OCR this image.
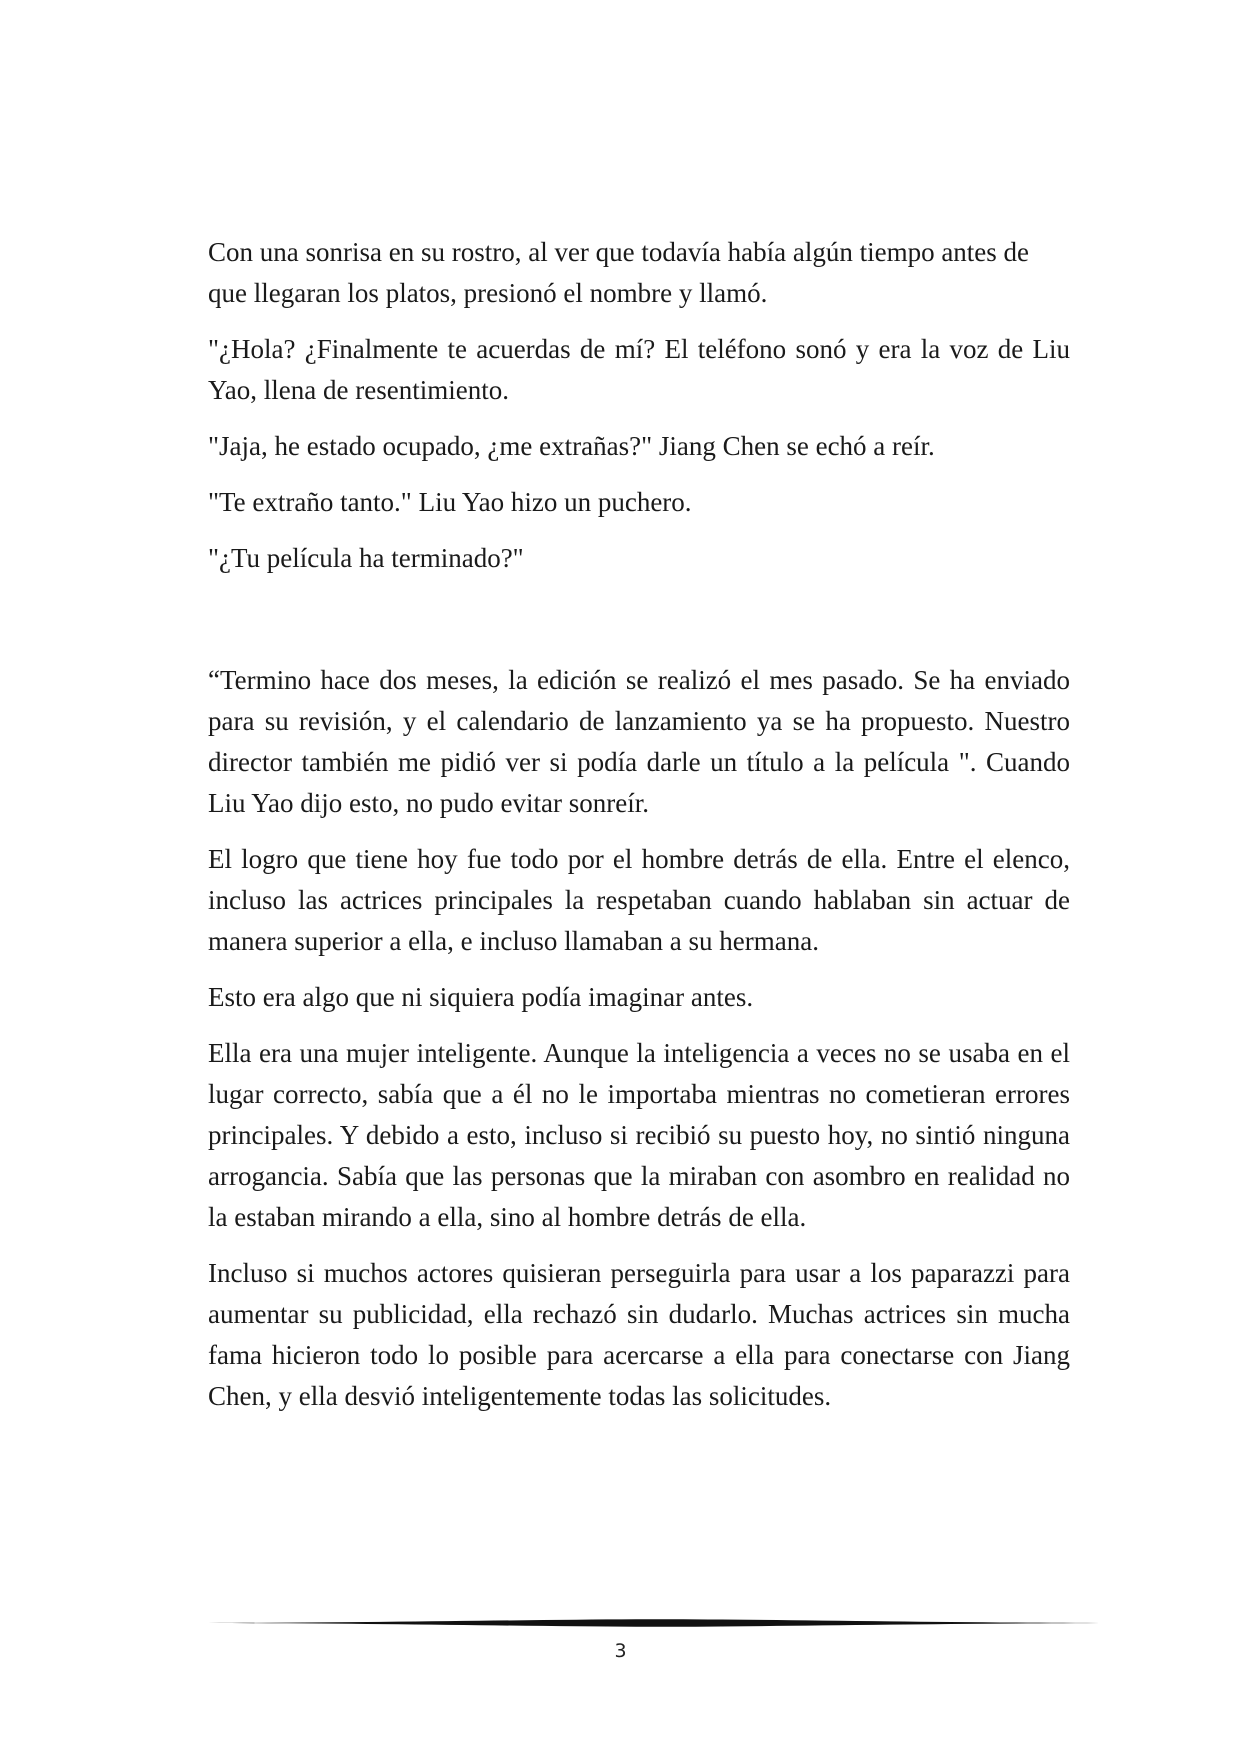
Con una sonrisa en su rostro, al ver que todavía había algún tiempo antes de que llegaran los platos, presionó el nombre y llamó.

"¿Hola? ¿Finalmente te acuerdas de mí? El teléfono sonó y era la voz de Liu Yao, llena de resentimiento.

"Jaja, he estado ocupado, ¿me extrañas?" Jiang Chen se echó a reír.

"Te extraño tanto." Liu Yao hizo un puchero.

"¿Tu película ha terminado?"

“Termino hace dos meses, la edición se realizó el mes pasado. Se ha enviado para su revisión, y el calendario de lanzamiento ya se ha propuesto. Nuestro director también me pidió ver si podía darle un título a la película ". Cuando Liu Yao dijo esto, no pudo evitar sonreír.

El logro que tiene hoy fue todo por el hombre detrás de ella. Entre el elenco, incluso las actrices principales la respetaban cuando hablaban sin actuar de manera superior a ella, e incluso llamaban a su hermana.

Esto era algo que ni siquiera podía imaginar antes.

Ella era una mujer inteligente. Aunque la inteligencia a veces no se usaba en el lugar correcto, sabía que a él no le importaba mientras no cometieran errores principales. Y debido a esto, incluso si recibió su puesto hoy, no sintió ninguna arrogancia. Sabía que las personas que la miraban con asombro en realidad no la estaban mirando a ella, sino al hombre detrás de ella.

Incluso si muchos actores quisieran perseguirla para usar a los paparazzi para aumentar su publicidad, ella rechazó sin dudarlo. Muchas actrices sin mucha fama hicieron todo lo posible para acercarse a ella para conectarse con Jiang Chen, y ella desvió inteligentemente todas las solicitudes.

3
